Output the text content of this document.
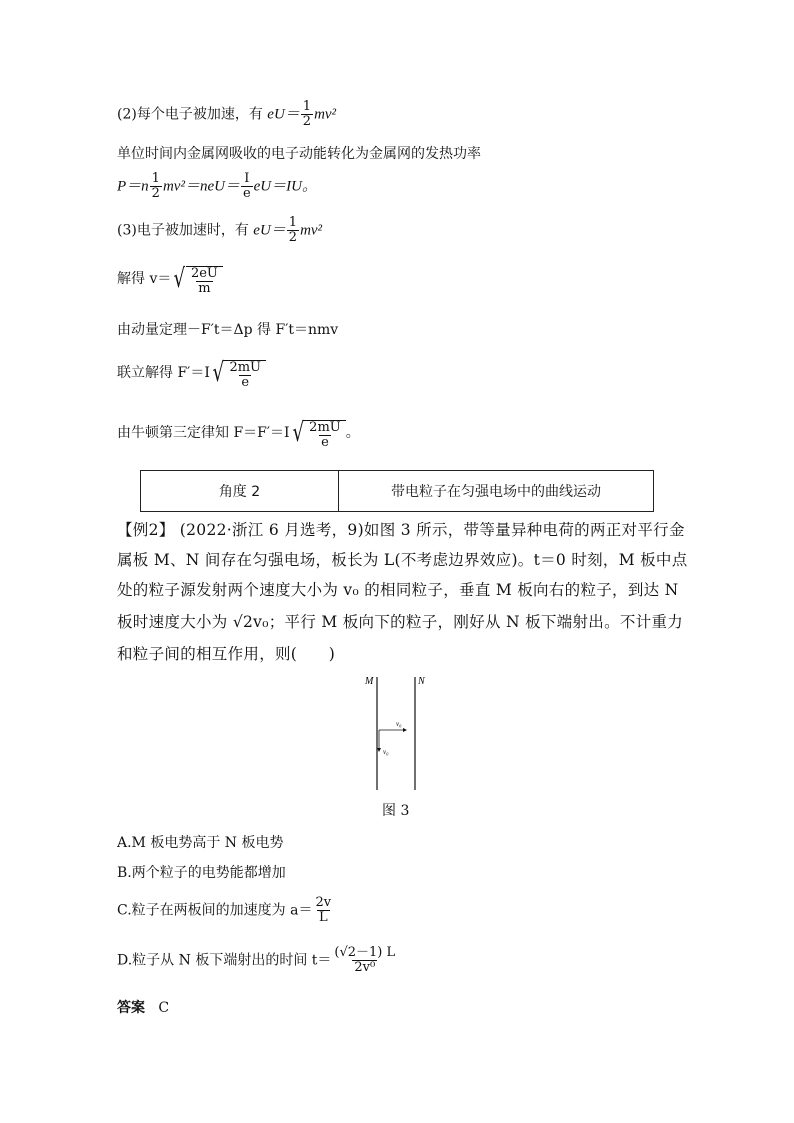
(2)每个电子被加速，有 $eU= \frac{1}{2} mv^2$
单位时间内金属网吸收的电子动能转化为金属网的发热功率
$P=n \frac{1}{2} mv^2=neU= \frac{I}{e} eU=IU$。
(3)电子被加速时，有 $eU= \frac{1}{2} mv^2$
解得 v＝ √ $\frac{2eU}{m}$
由动量定理－F′t＝Δp 得 F′t＝nmv
联立解得 F′＝I √ $\frac{2mU}{e}$
由牛顿第三定律知 F＝F′＝I √ $\frac{2mU}{e}$ 。
角度 2	带电粒子在匀强电场中的曲线运动
【例2】 (2022·浙江 6 月选考，9)如图 3 所示，带等量异种电荷的两正对平行金
属板 M、N 间存在匀强电场，板长为 L(不考虑边界效应)。t＝0 时刻，M 板中点
处的粒子源发射两个速度大小为 v₀ 的相同粒子，垂直 M 板向右的粒子，到达 N
板时速度大小为 √2v₀；平行 M 板向下的粒子，刚好从 N 板下端射出。不计重力
和粒子间的相互作用，则(　　)
M	N
v₀
v₀
图 3
A.M 板电势高于 N 板电势
B.两个粒子的电势能都增加
C.粒子在两板间的加速度为 $a= \frac{2v}{L}$
D.粒子从 N 板下端射出的时间 $t= \frac{(√2-1) L}{\text{2v⁰}}$
答案 C
